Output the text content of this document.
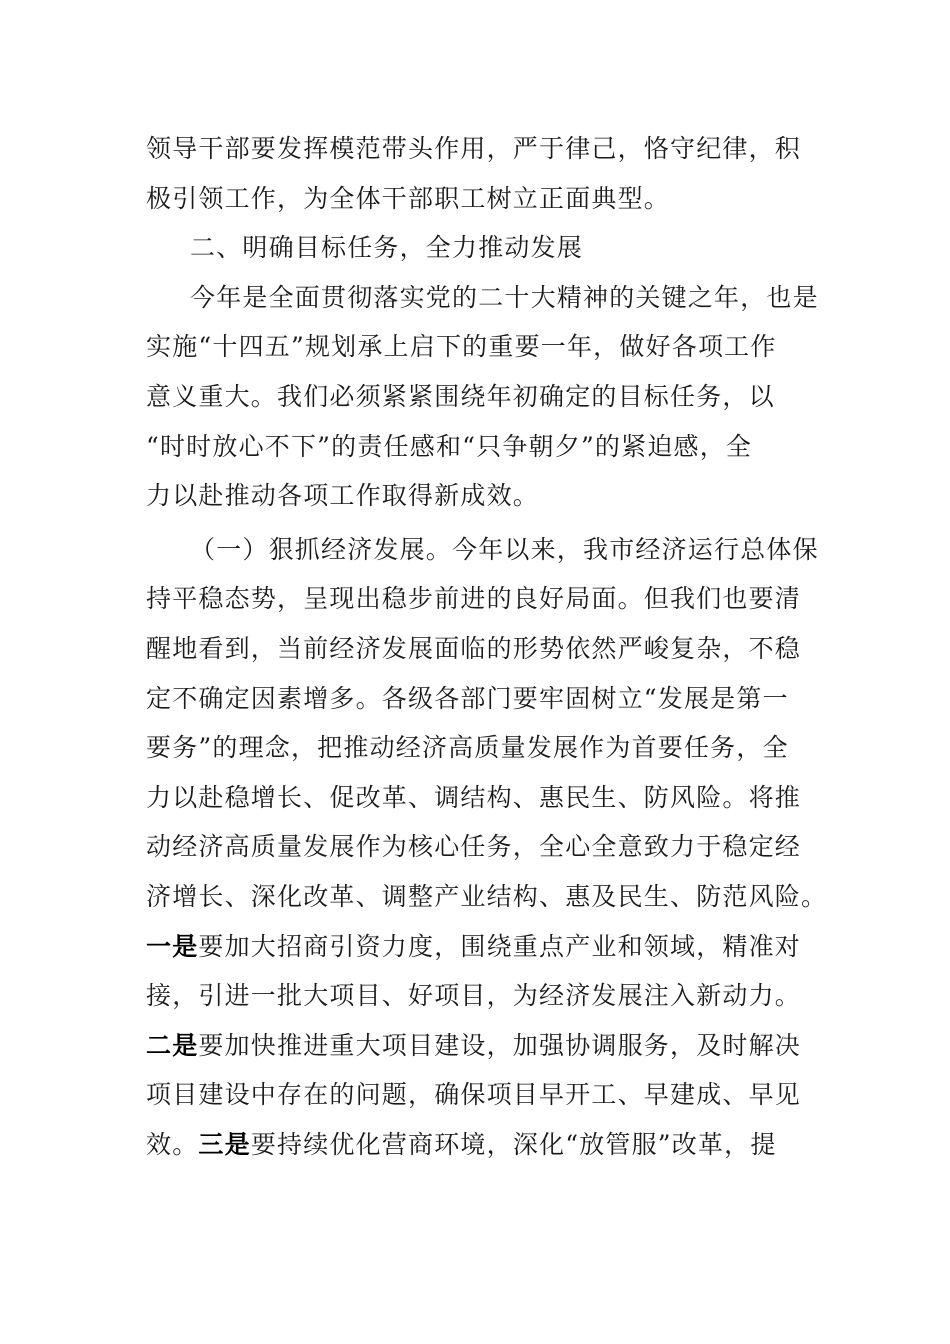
领导干部要发挥模范带头作用，严于律己，恪守纪律，积
极引领工作，为全体干部职工树立正面典型。
二、明确目标任务，全力推动发展
今年是全面贯彻落实党的二十大精神的关键之年，也是
实施“十四五”规划承上启下的重要一年，做好各项工作
意义重大。我们必须紧紧围绕年初确定的目标任务，以
“时时放心不下”的责任感和“只争朝夕”的紧迫感，全
力以赴推动各项工作取得新成效。
（一）狠抓经济发展。今年以来，我市经济运行总体保
持平稳态势，呈现出稳步前进的良好局面。但我们也要清
醒地看到，当前经济发展面临的形势依然严峻复杂，不稳
定不确定因素增多。各级各部门要牢固树立“发展是第一
要务”的理念，把推动经济高质量发展作为首要任务，全
力以赴稳增长、促改革、调结构、惠民生、防风险。将推
动经济高质量发展作为核心任务，全心全意致力于稳定经
济增长、深化改革、调整产业结构、惠及民生、防范风险。
一是要加大招商引资力度，围绕重点产业和领域，精准对
接，引进一批大项目、好项目，为经济发展注入新动力。
二是要加快推进重大项目建设，加强协调服务，及时解决
项目建设中存在的问题，确保项目早开工、早建成、早见
效。三是要持续优化营商环境，深化“放管服”改革，提
